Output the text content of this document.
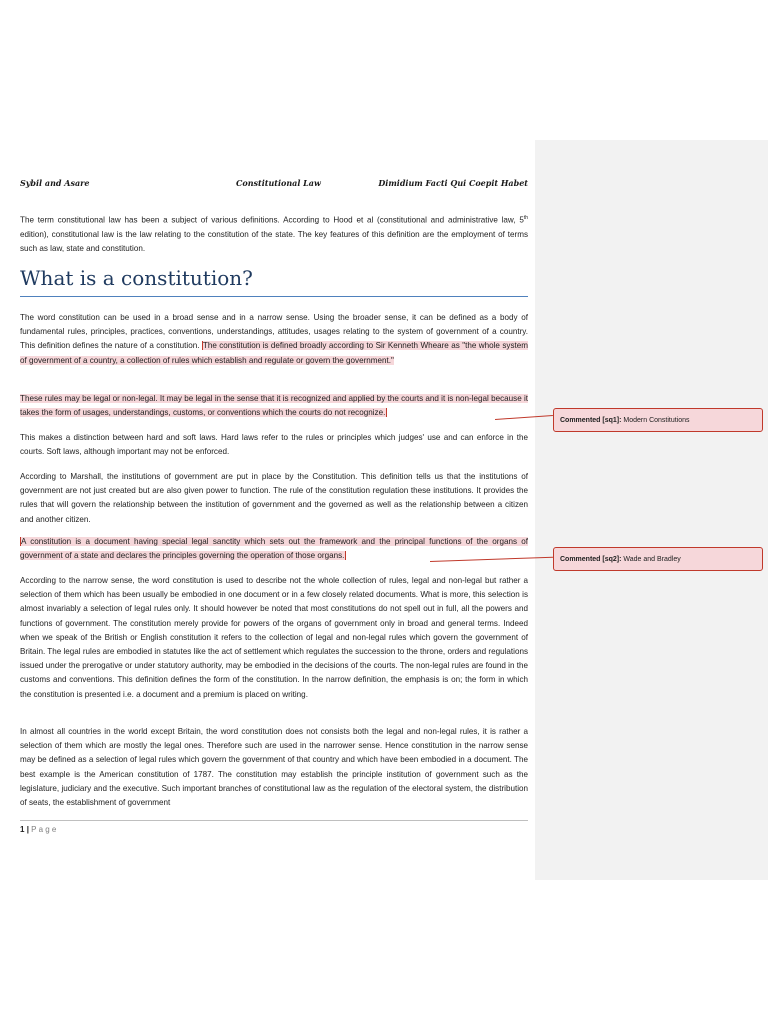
Sybil and Asare	Constitutional Law	Dimidium Facti Qui Coepit Habet

The term constitutional law has been a subject of various definitions. According to Hood et al (constitutional and administrative law, 5th edition), constitutional law is the law relating to the constitution of the state. The key features of this definition are the employment of terms such as law, state and constitution.

What is a constitution?

The word constitution can be used in a broad sense and in a narrow sense. Using the broader sense, it can be defined as a body of fundamental rules, principles, practices, conventions, understandings, attitudes, usages relating to the system of government of a country. This definition defines the nature of a constitution. The constitution is defined broadly according to Sir Kenneth Wheare as "the whole system of government of a country, a collection of rules which establish and regulate or govern the government."

These rules may be legal or non-legal. It may be legal in the sense that it is recognized and applied by the courts and it is non-legal because it takes the form of usages, understandings, customs, or conventions which the courts do not recognize.

This makes a distinction between hard and soft laws. Hard laws refer to the rules or principles which judges' use and can enforce in the courts. Soft laws, although important may not be enforced.

According to Marshall, the institutions of government are put in place by the Constitution. This definition tells us that the institutions of government are not just created but are also given power to function. The rule of the constitution regulation these institutions. It provides the rules that will govern the relationship between the institution of government and the governed as well as the relationship between a citizen and another citizen.

A constitution is a document having special legal sanctity which sets out the framework and the principal functions of the organs of government of a state and declares the principles governing the operation of those organs.

According to the narrow sense, the word constitution is used to describe not the whole collection of rules, legal and non-legal but rather a selection of them which has been usually be embodied in one document or in a few closely related documents. What is more, this selection is almost invariably a selection of legal rules only. It should however be noted that most constitutions do not spell out in full, all the powers and functions of government. The constitution merely provide for powers of the organs of government only in broad and general terms. Indeed when we speak of the British or English constitution it refers to the collection of legal and non-legal rules which govern the government of Britain. The legal rules are embodied in statutes like the act of settlement which regulates the succession to the throne, orders and regulations issued under the prerogative or under statutory authority, may be embodied in the decisions of the courts. The non-legal rules are found in the customs and conventions. This definition defines the form of the constitution. In the narrow definition, the emphasis is on; the form in which the constitution is presented i.e. a document and a premium is placed on writing.

In almost all countries in the world except Britain, the word constitution does not consists both the legal and non-legal rules, it is rather a selection of them which are mostly the legal ones. Therefore such are used in the narrower sense. Hence constitution in the narrow sense may be defined as a selection of legal rules which govern the government of that country and which have been embodied in a document. The best example is the American constitution of 1787. The constitution may establish the principle institution of government such as the legislature, judiciary and the executive. Such important branches of constitutional law as the regulation of the electoral system, the distribution of seats, the establishment of government

Commented [sq1]: Modern Constitutions
Commented [sq2]: Wade and Bradley
1 | P a g e
